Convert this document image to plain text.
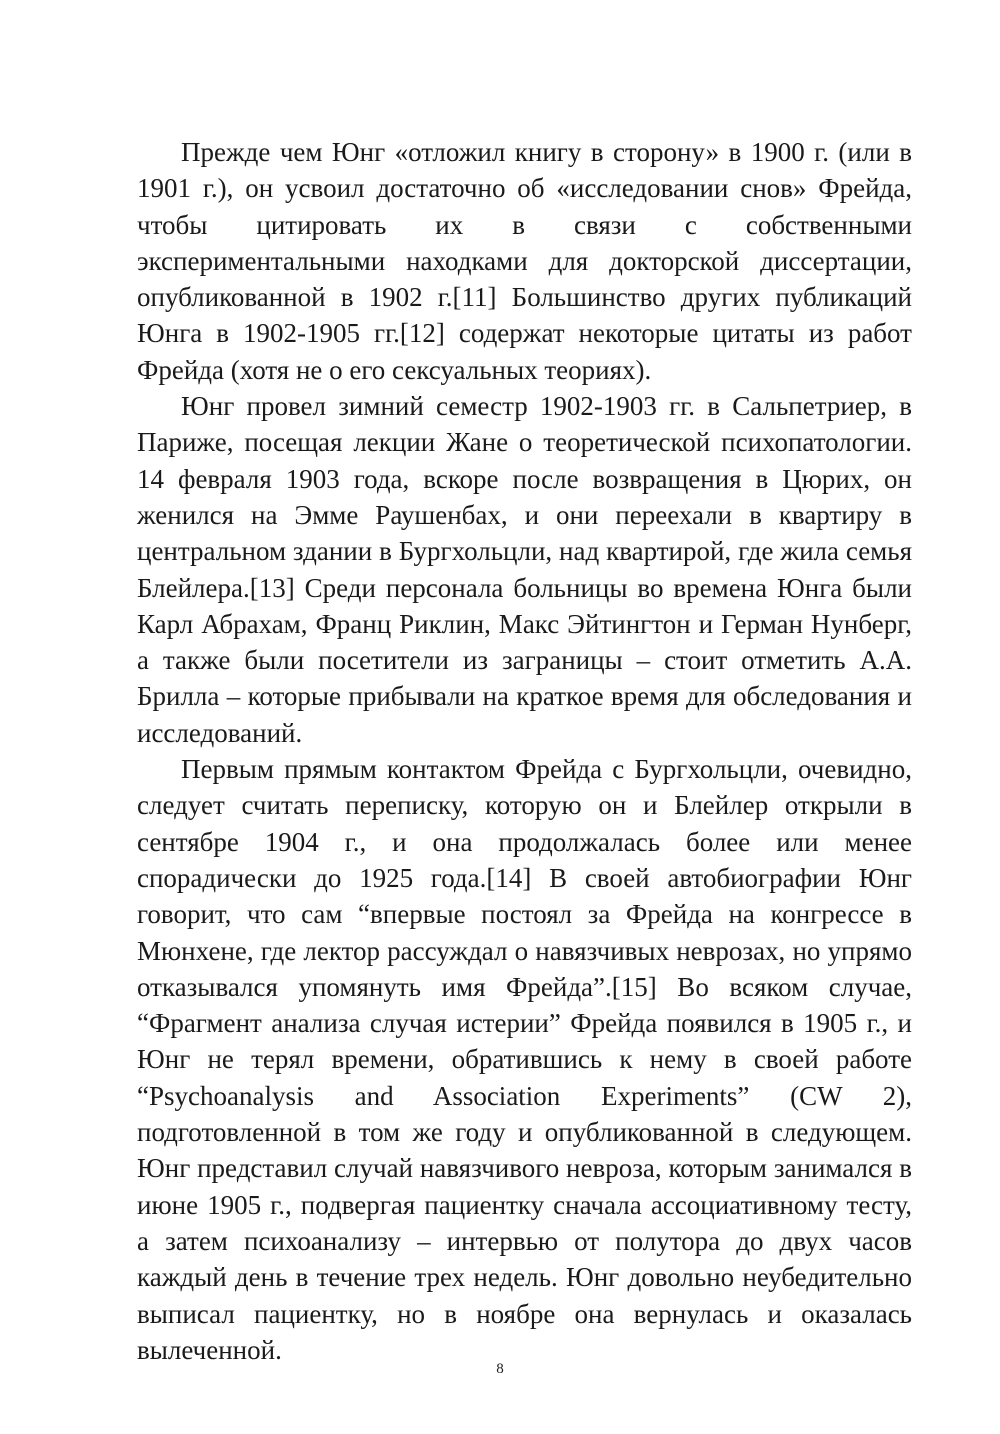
Прежде чем Юнг «отложил книгу в сторону» в 1900 г. (или в 1901 г.), он усвоил достаточно об «исследовании снов» Фрейда, чтобы цитировать их в связи с собственными экспериментальными находками для докторской диссертации, опубликованной в 1902 г.[11] Большинство других публикаций Юнга в 1902-1905 гг.[12] содержат некоторые цитаты из работ Фрейда (хотя не о его сексуальных теориях).

Юнг провел зимний семестр 1902-1903 гг. в Сальпетриер, в Париже, посещая лекции Жане о теоретической психопатологии. 14 февраля 1903 года, вскоре после возвращения в Цюрих, он женился на Эмме Раушенбах, и они переехали в квартиру в центральном здании в Бургхольцли, над квартирой, где жила семья Блейлера.[13] Среди персонала больницы во времена Юнга были Карл Абрахам, Франц Риклин, Макс Эйтингтон и Герман Нунберг, а также были посетители из заграницы – стоит отметить А.А. Брилла – которые прибывали на краткое время для обследования и исследований.

Первым прямым контактом Фрейда с Бургхольцли, очевидно, следует считать переписку, которую он и Блейлер открыли в сентябре 1904 г., и она продолжалась более или менее спорадически до 1925 года.[14] В своей автобиографии Юнг говорит, что сам “впервые постоял за Фрейда на конгрессе в Мюнхене, где лектор рассуждал о навязчивых неврозах, но упрямо отказывался упомянуть имя Фрейда”.[15] Во всяком случае, “Фрагмент анализа случая истерии” Фрейда появился в 1905 г., и Юнг не терял времени, обратившись к нему в своей работе “Psychoanalysis and Association Experiments” (CW 2), подготовленной в том же году и опубликованной в следующем. Юнг представил случай навязчивого невроза, которым занимался в июне 1905 г., подвергая пациентку сначала ассоциативному тесту, а затем психоанализу – интервью от полутора до двух часов каждый день в течение трех недель. Юнг довольно неубедительно выписал пациентку, но в ноябре она вернулась и оказалась вылеченной.

8
